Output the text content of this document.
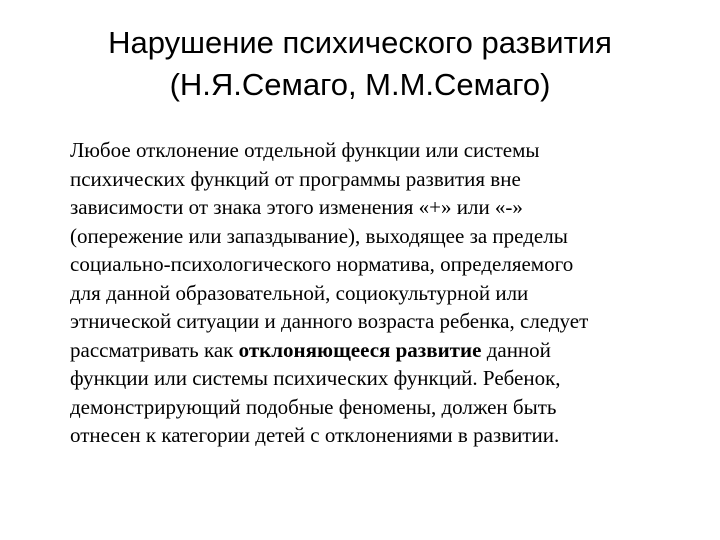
Нарушение психического развития
(Н.Я.Семаго, М.М.Семаго)

Любое отклонение отдельной функции или системы
психических функций от программы развития вне
зависимости от знака этого изменения «+» или «-»
(опережение или запаздывание), выходящее за пределы
социально-психологического норматива, определяемого
для данной образовательной, социокультурной или
этнической ситуации и данного возраста ребенка, следует
рассматривать как отклоняющееся развитие данной
функции или системы психических функций. Ребенок,
демонстрирующий подобные феномены, должен быть
отнесен к категории детей с отклонениями в развитии.
